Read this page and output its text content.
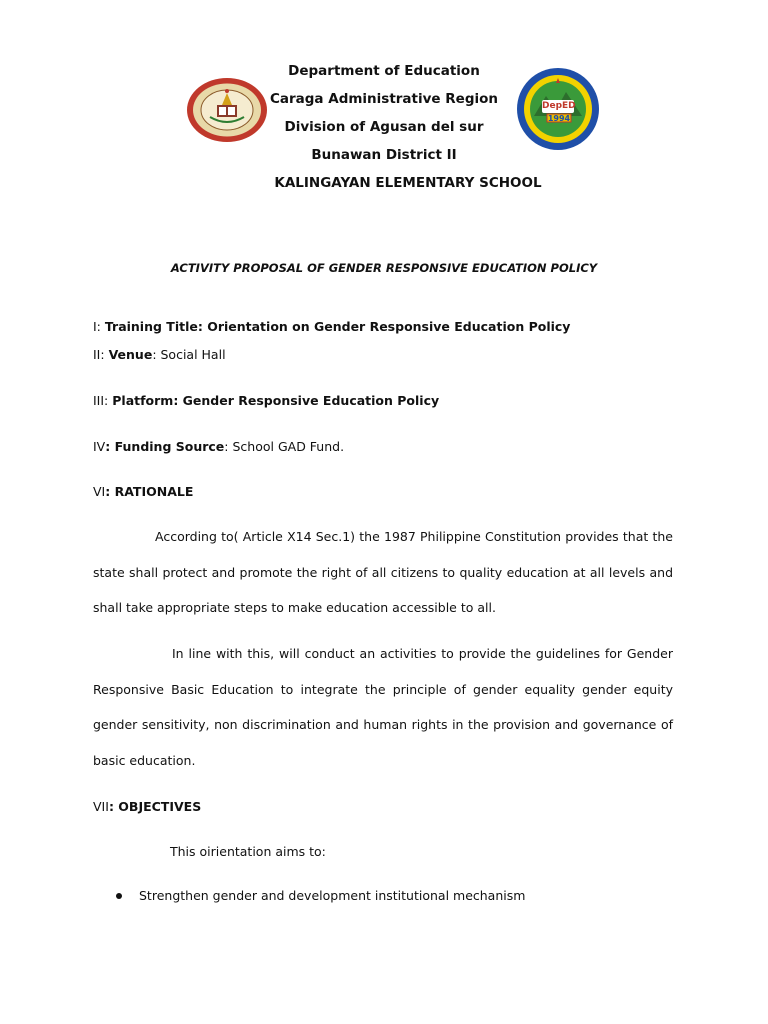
DepED
1994
Department of Education
Caraga Administrative Region
Division of Agusan del sur
Bunawan District II
KALINGAYAN ELEMENTARY SCHOOL
ACTIVITY PROPOSAL OF GENDER RESPONSIVE EDUCATION POLICY
I: Training Title: Orientation on Gender Responsive Education Policy
II: Venue: Social Hall
III: Platform: Gender Responsive Education Policy
IV: Funding Source: School GAD Fund.
VI: RATIONALE
According to( Article X14 Sec.1) the 1987 Philippine Constitution provides that the state shall protect and promote the right of all citizens to quality education at all levels and shall take appropriate steps to make education accessible to all.
In line with this, will conduct an activities to provide the guidelines for Gender Responsive Basic Education to integrate the principle of gender equality gender equity gender sensitivity, non discrimination and human rights in the provision and governance of basic education.
VII: OBJECTIVES
This oirientation aims to:
Strengthen gender and development institutional mechanism
